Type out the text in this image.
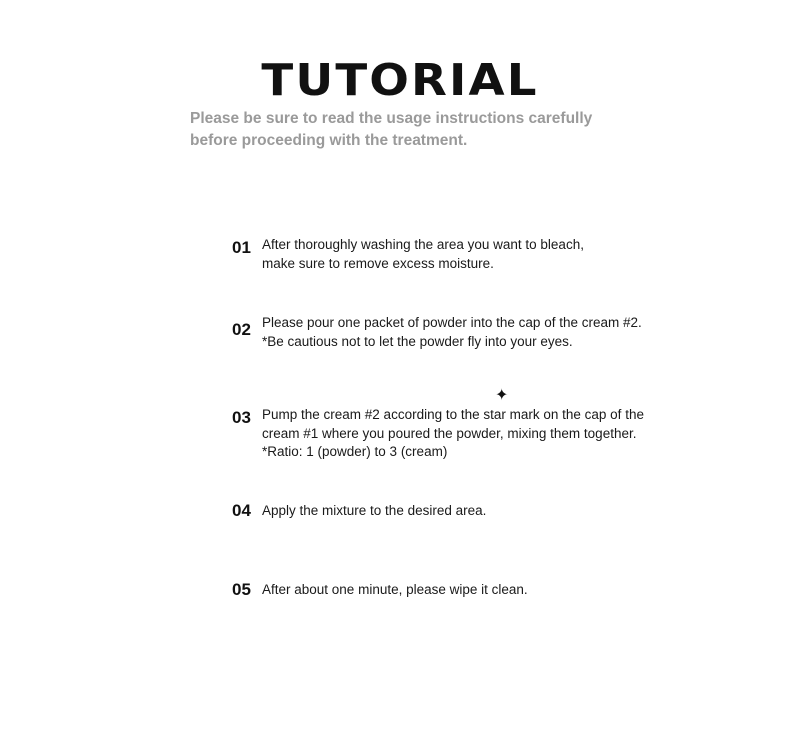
TUTORIAL
Please be sure to read the usage instructions carefully
before proceeding with the treatment.
✦
01 After thoroughly washing the area you want to bleach,
make sure to remove excess moisture.
02 Please pour one packet of powder into the cap of the cream #2.
*Be cautious not to let the powder fly into your eyes.
03 Pump the cream #2 according to the star mark on the cap of the
cream #1 where you poured the powder, mixing them together.
*Ratio: 1 (powder) to 3 (cream)
04 Apply the mixture to the desired area.
05 After about one minute, please wipe it clean.
